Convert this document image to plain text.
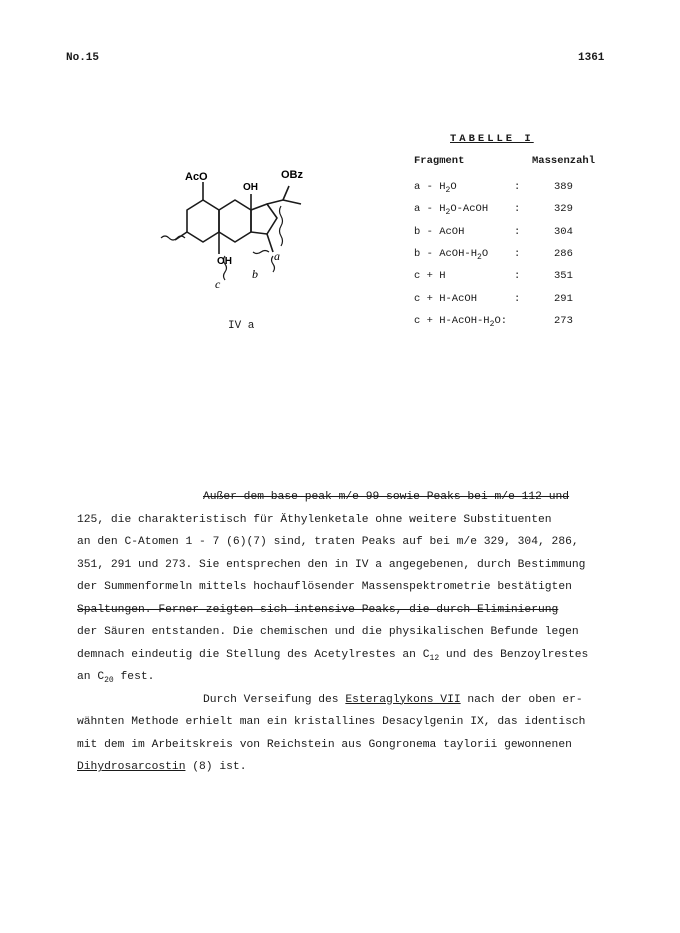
No.15	1361
AcO
OH
OBz
OH
c
b
a
IV a
TABELLE I
Fragment	Massenzahl
a - $H_2O$	:	389
a - $H_2O$-AcOH :	329
b - AcOH	:	304
b - AcOH-$H_2O$ :	286
c + H	:	351
c + H-AcOH	:	291
$c + H-AcOH-H_2O$:	273
Außer dem base peak m/e 99 sowie Peaks bei m/e 112 und
125, die charakteristisch für Äthylenketale ohne weitere Substituenten
an den C-Atomen 1 - 7 (6)(7) sind, traten Peaks auf bei m/e 329, 304, 286,
351, 291 und 273. Sie entsprechen den in IV a angegebenen, durch Bestimmung
der Summenformeln mittels hochauflösender Massenspektrometrie bestätigten
Spaltungen. Ferner zeigten sich intensive Peaks, die durch Eliminierung
der Säuren entstanden. Die chemischen und die physikalischen Befunde legen
demnach eindeutig die Stellung des Acetylrestes an $C_{12}$ und des Benzoylrestes
an $C_{20}$ fest.
Durch Verseifung des Esteraglykons VII nach der oben er-
wähnten Methode erhielt man ein kristallines Desacylgenin IX, das identisch
mit dem im Arbeitskreis von Reichstein aus Gongronema taylorii gewonnenen
Dihydrosarcostin (8) ist.
